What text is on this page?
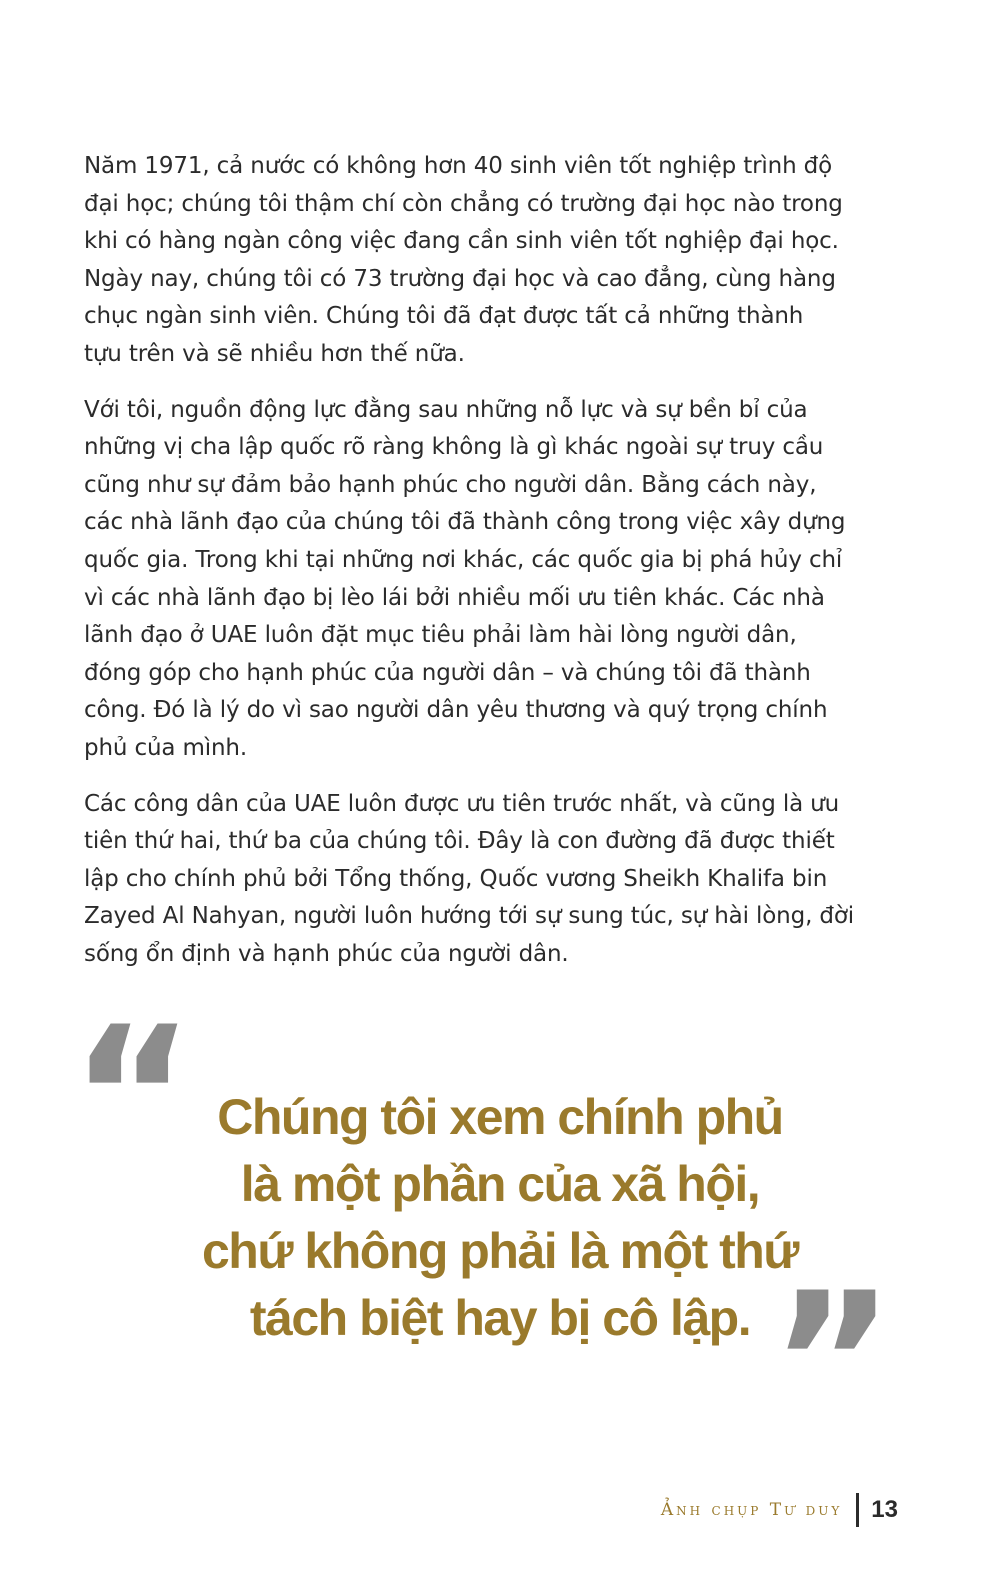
Năm 1971, cả nước có không hơn 40 sinh viên tốt nghiệp trình độ
đại học; chúng tôi thậm chí còn chẳng có trường đại học nào trong
khi có hàng ngàn công việc đang cần sinh viên tốt nghiệp đại học.
Ngày nay, chúng tôi có 73 trường đại học và cao đẳng, cùng hàng
chục ngàn sinh viên. Chúng tôi đã đạt được tất cả những thành
tựu trên và sẽ nhiều hơn thế nữa.

Với tôi, nguồn động lực đằng sau những nỗ lực và sự bền bỉ của
những vị cha lập quốc rõ ràng không là gì khác ngoài sự truy cầu
cũng như sự đảm bảo hạnh phúc cho người dân. Bằng cách này,
các nhà lãnh đạo của chúng tôi đã thành công trong việc xây dựng
quốc gia. Trong khi tại những nơi khác, các quốc gia bị phá hủy chỉ
vì các nhà lãnh đạo bị lèo lái bởi nhiều mối ưu tiên khác. Các nhà
lãnh đạo ở UAE luôn đặt mục tiêu phải làm hài lòng người dân,
đóng góp cho hạnh phúc của người dân – và chúng tôi đã thành
công. Đó là lý do vì sao người dân yêu thương và quý trọng chính
phủ của mình.

Các công dân của UAE luôn được ưu tiên trước nhất, và cũng là ưu
tiên thứ hai, thứ ba của chúng tôi. Đây là con đường đã được thiết
lập cho chính phủ bởi Tổng thống, Quốc vương Sheikh Khalifa bin
Zayed Al Nahyan, người luôn hướng tới sự sung túc, sự hài lòng, đời
sống ổn định và hạnh phúc của người dân.

“ Chúng tôi xem chính phủ
là một phần của xã hội,
chứ không phải là một thứ
tách biệt hay bị cô lập. ”
Ảnh chụp Tư duy 13
